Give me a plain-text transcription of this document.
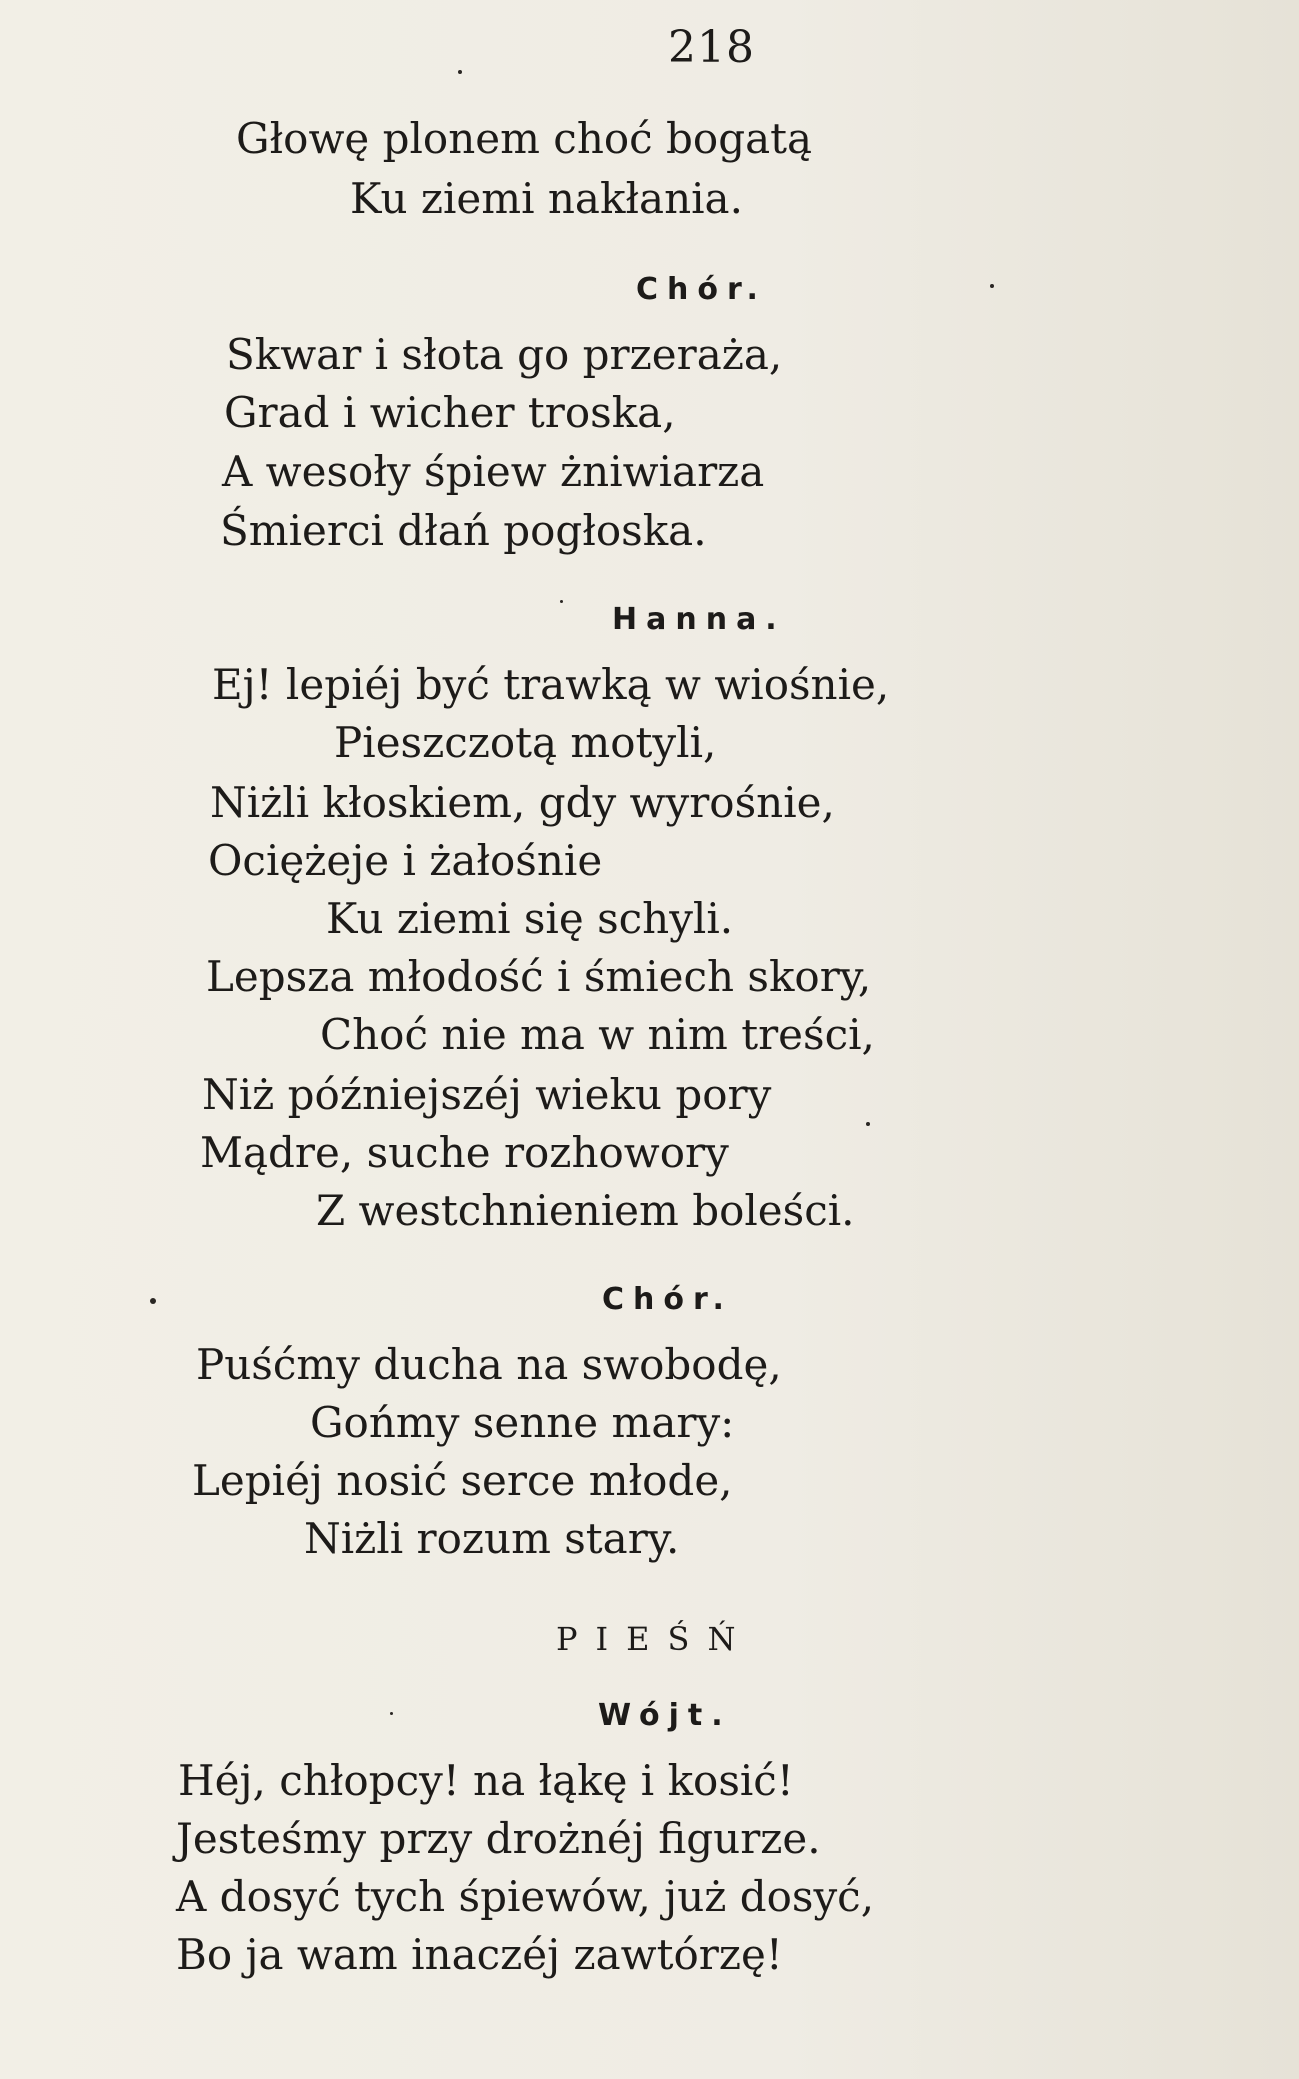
218
Głowę plonem choć bogatą
Ku ziemi nakłania.
Chór.
Skwar i słota go przeraża,
Grad i wicher troska,
A wesoły śpiew żniwiarza
Śmierci dłań pogłoska.
Hanna.
Ej! lepiéj być trawką w wiośnie,
Pieszczotą motyli,
Niżli kłoskiem, gdy wyrośnie,
Ociężeje i żałośnie
Ku ziemi się schyli.
Lepsza młodość i śmiech skory,
Choć nie ma w nim treści,
Niż późniejszéj wieku pory
Mądre, suche rozhowory
Z westchnieniem boleści.
Chór.
Puśćmy ducha na swobodę,
Gońmy senne mary:
Lepiéj nosić serce młode,
Niżli rozum stary.
PIEŚŃ
Wójt.
Héj, chłopcy! na łąkę i kosić!
Jesteśmy przy drożnéj figurze.
A dosyć tych śpiewów, już dosyć,
Bo ja wam inaczéj zawtórzę!
